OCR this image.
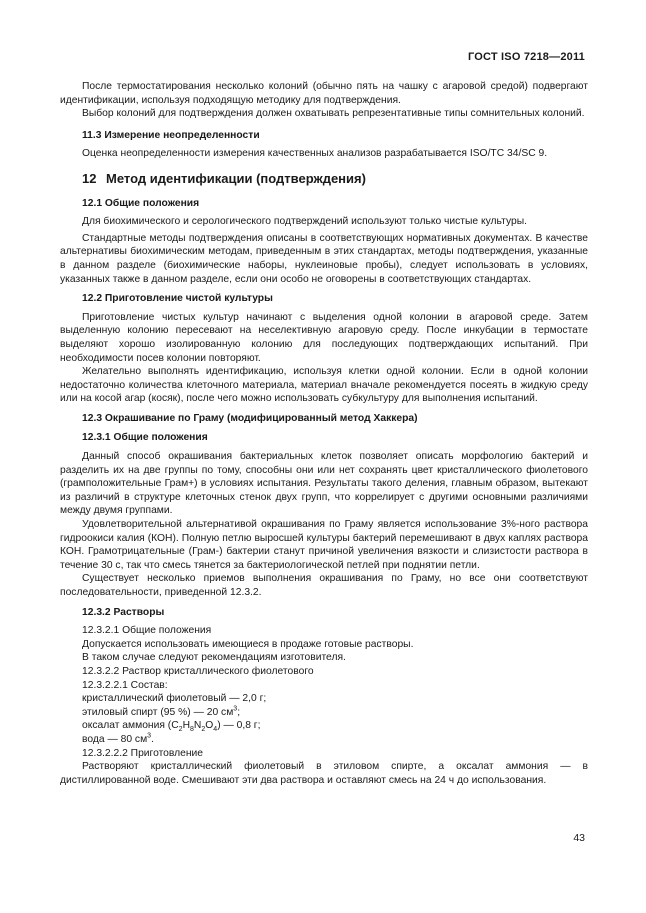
ГОСТ ISO 7218—2011

После термостатирования несколько колоний (обычно пять на чашку с агаровой средой) подвергают идентификации, используя подходящую методику для подтверждения.

Выбор колоний для подтверждения должен охватывать репрезентативные типы сомнительных колоний.

11.3 Измерение неопределенности

Оценка неопределенности измерения качественных анализов разрабатывается ISO/TC 34/SC 9.

12 Метод идентификации (подтверждения)
12.1 Общие положения

Для биохимического и серологического подтверждений используют только чистые культуры.

Стандартные методы подтверждения описаны в соответствующих нормативных документах. В качестве альтернативы биохимическим методам, приведенным в этих стандартах, методы подтверждения, указанные в данном разделе (биохимические наборы, нуклеиновые пробы), следует использовать в условиях, указанных также в данном разделе, если они особо не оговорены в соответствующих стандартах.

12.2 Приготовление чистой культуры

Приготовление чистых культур начинают с выделения одной колонии в агаровой среде. Затем выделенную колонию пересевают на неселективную агаровую среду. После инкубации в термостате выделяют хорошо изолированную колонию для последующих подтверждающих испытаний. При необходимости посев колонии повторяют.

Желательно выполнять идентификацию, используя клетки одной колонии. Если в одной колонии недостаточно количества клеточного материала, материал вначале рекомендуется посеять в жидкую среду или на косой агар (косяк), после чего можно использовать субкультуру для выполнения испытаний.

12.3 Окрашивание по Граму (модифицированный метод Хаккера)
12.3.1 Общие положения

Данный способ окрашивания бактериальных клеток позволяет описать морфологию бактерий и разделить их на две группы по тому, способны они или нет сохранять цвет кристаллического фиолетового (грамположительные Грам+) в условиях испытания. Результаты такого деления, главным образом, вытекают из различий в структуре клеточных стенок двух групп, что коррелирует с другими основными различиями между двумя группами.

Удовлетворительной альтернативой окрашивания по Граму является использование 3%-ного раствора гидроокиси калия (КОН). Полную петлю выросшей культуры бактерий перемешивают в двух каплях раствора КОН. Грамотрицательные (Грам-) бактерии станут причиной увеличения вязкости и слизистости раствора в течение 30 с, так что смесь тянется за бактериологической петлей при поднятии петли.

Существует несколько приемов выполнения окрашивания по Граму, но все они соответствуют последовательности, приведенной 12.3.2.

12.3.2 Растворы

12.3.2.1 Общие положения

Допускается использовать имеющиеся в продаже готовые растворы.

В таком случае следуют рекомендациям изготовителя.

12.3.2.2 Раствор кристаллического фиолетового

12.3.2.2.1 Состав:

кристаллический фиолетовый — 2,0 г;

этиловый спирт (95 %) — 20 $см^3$;

оксалат аммония $(C_2H_8N_2O_4)$ — 0,8 г;

вода — 80 $см^3$.

12.3.2.2.2 Приготовление

Растворяют кристаллический фиолетовый в этиловом спирте, а оксалат аммония — в дистиллированной воде. Смешивают эти два раствора и оставляют смесь на 24 ч до использования.

43
